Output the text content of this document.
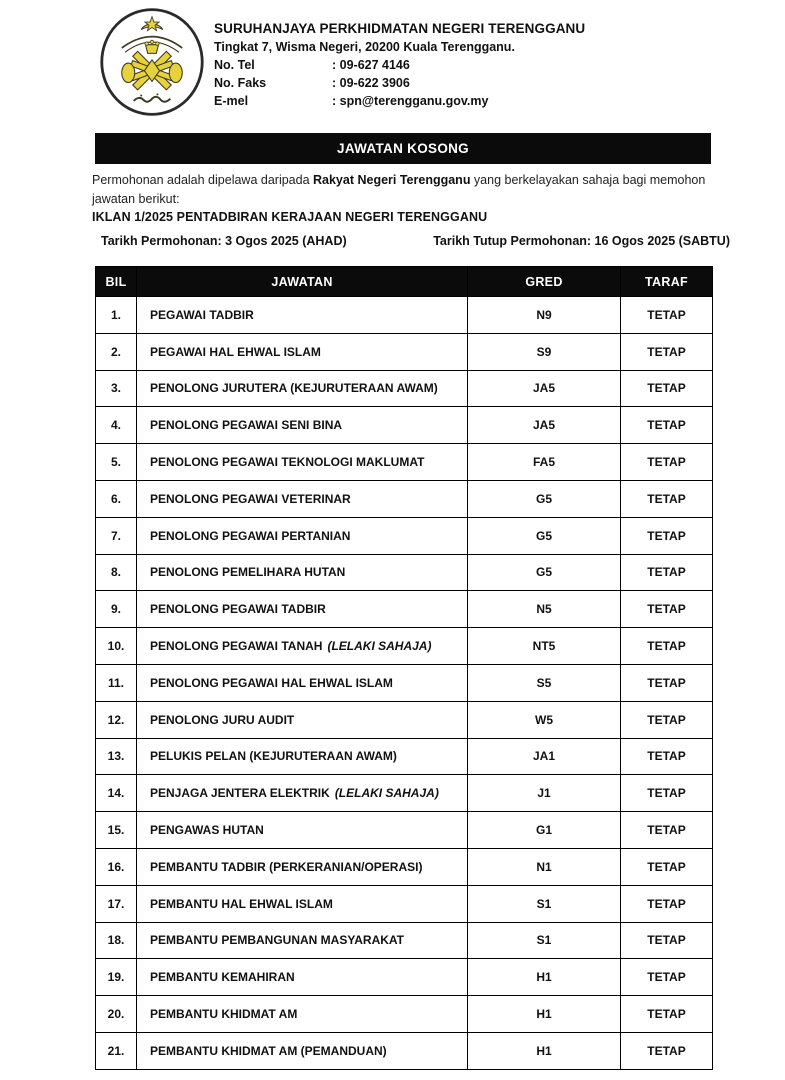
SURUHANJAYA PERKHIDMATAN NEGERI TERENGGANU
Tingkat 7, Wisma Negeri, 20200 Kuala Terengganu.
No. Tel	: 09-627 4146
No. Faks	: 09-622 3906
E-mel	: spn@terengganu.gov.my
JAWATAN KOSONG
Permohonan adalah dipelawa daripada Rakyat Negeri Terengganu yang berkelayakan sahaja bagi memohon jawatan berikut:
IKLAN 1/2025 PENTADBIRAN KERAJAAN NEGERI TERENGGANU
Tarikh Permohonan: 3 Ogos 2025 (AHAD)	Tarikh Tutup Permohonan: 16 Ogos 2025 (SABTU)
BIL	JAWATAN	GRED	TARAF
1.	PEGAWAI TADBIR	N9	TETAP
2.	PEGAWAI HAL EHWAL ISLAM	S9	TETAP
3.	PENOLONG JURUTERA (KEJURUTERAAN AWAM)	JA5	TETAP
4.	PENOLONG PEGAWAI SENI BINA	JA5	TETAP
5.	PENOLONG PEGAWAI TEKNOLOGI MAKLUMAT	FA5	TETAP
6.	PENOLONG PEGAWAI VETERINAR	G5	TETAP
7.	PENOLONG PEGAWAI PERTANIAN	G5	TETAP
8.	PENOLONG PEMELIHARA HUTAN	G5	TETAP
9.	PENOLONG PEGAWAI TADBIR	N5	TETAP
10.	PENOLONG PEGAWAI TANAH (LELAKI SAHAJA)	NT5	TETAP
11.	PENOLONG PEGAWAI HAL EHWAL ISLAM	S5	TETAP
12.	PENOLONG JURU AUDIT	W5	TETAP
13.	PELUKIS PELAN (KEJURUTERAAN AWAM)	JA1	TETAP
14.	PENJAGA JENTERA ELEKTRIK (LELAKI SAHAJA)	J1	TETAP
15.	PENGAWAS HUTAN	G1	TETAP
16.	PEMBANTU TADBIR (PERKERANIAN/OPERASI)	N1	TETAP
17.	PEMBANTU HAL EHWAL ISLAM	S1	TETAP
18.	PEMBANTU PEMBANGUNAN MASYARAKAT	S1	TETAP
19.	PEMBANTU KEMAHIRAN	H1	TETAP
20.	PEMBANTU KHIDMAT AM	H1	TETAP
21.	PEMBANTU KHIDMAT AM (PEMANDUAN)	H1	TETAP
